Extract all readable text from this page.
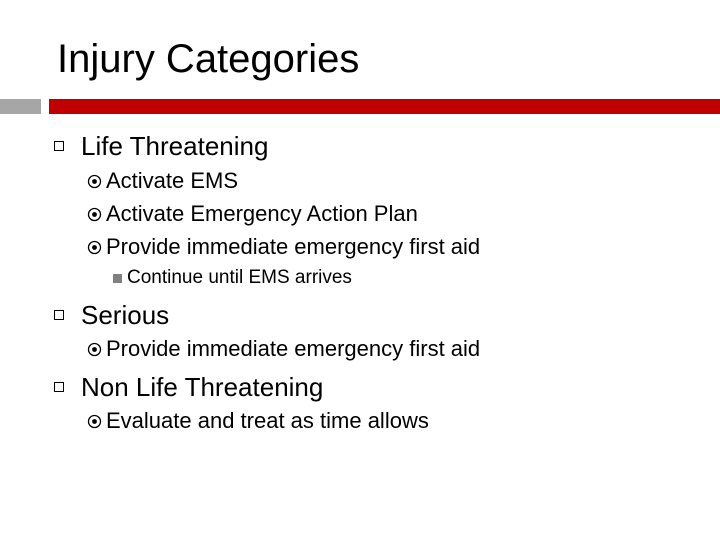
Injury Categories
Life Threatening
Activate EMS
Activate Emergency Action Plan
Provide immediate emergency first aid
Continue until EMS arrives
Serious
Provide immediate emergency first aid
Non Life Threatening
Evaluate and treat as time allows
